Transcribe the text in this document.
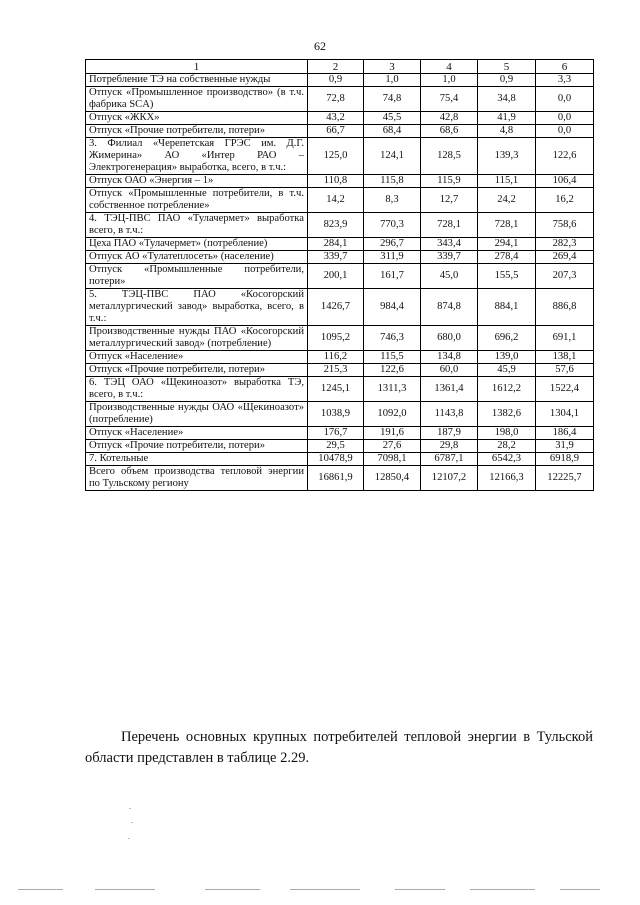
62
1	2	3	4	5	6
Потребление ТЭ на собственные нужды	0,9	1,0	1,0	0,9	3,3
Отпуск «Промышленное производство» (в т.ч. фабрика SCA)	72,8	74,8	75,4	34,8	0,0
Отпуск «ЖКХ»	43,2	45,5	42,8	41,9	0,0
Отпуск «Прочие потребители, потери»	66,7	68,4	68,6	4,8	0,0
3. Филиал «Черепетская ГРЭС им. Д.Г. Жимерина» АО «Интер РАО – Электрогенерация» выработка, всего, в т.ч.:	125,0	124,1	128,5	139,3	122,6
Отпуск ОАО «Энергия – 1»	110,8	115,8	115,9	115,1	106,4
Отпуск «Промышленные потребители, в т.ч. собственное потребление»	14,2	8,3	12,7	24,2	16,2
4. ТЭЦ-ПВС ПАО «Тулачермет» выработка всего, в т.ч.:	823,9	770,3	728,1	728,1	758,6
Цеха ПАО «Тулачермет» (потребление)	284,1	296,7	343,4	294,1	282,3
Отпуск АО «Тулатеплосеть» (население)	339,7	311,9	339,7	278,4	269,4
Отпуск «Промышленные потребители, потери»	200,1	161,7	45,0	155,5	207,3
5. ТЭЦ-ПВС ПАО «Косогорский металлургический завод» выработка, всего, в т.ч.:	1426,7	984,4	874,8	884,1	886,8
Производственные нужды ПАО «Косогорский металлургический завод» (потребление)	1095,2	746,3	680,0	696,2	691,1
Отпуск «Население»	116,2	115,5	134,8	139,0	138,1
Отпуск «Прочие потребители, потери»	215,3	122,6	60,0	45,9	57,6
6. ТЭЦ ОАО «Щекиноазот» выработка ТЭ, всего, в т.ч.:	1245,1	1311,3	1361,4	1612,2	1522,4
Производственные нужды ОАО «Щекиноазот» (потребление)	1038,9	1092,0	1143,8	1382,6	1304,1
Отпуск «Население»	176,7	191,6	187,9	198,0	186,4
Отпуск «Прочие потребители, потери»	29,5	27,6	29,8	28,2	31,9
7. Котельные	10478,9	7098,1	6787,1	6542,3	6918,9
Всего объем производства тепловой энергии по Тульскому региону	16861,9	12850,4	12107,2	12166,3	12225,7

Перечень основных крупных потребителей тепловой энергии в Тульской области представлен в таблице 2.29.
